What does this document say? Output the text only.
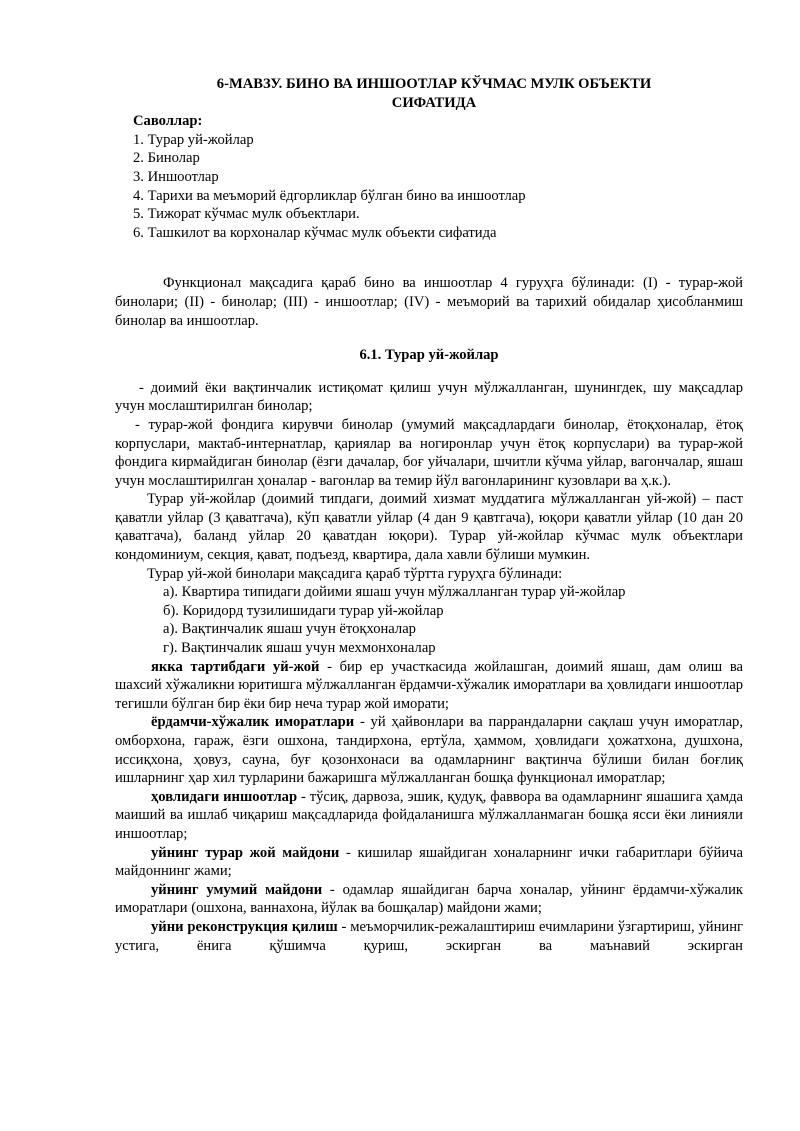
6-МАВЗУ. БИНО ВА ИНШООТЛАР КЎЧМАС МУЛК ОБЪЕКТИ
СИФАТИДА
Саволлар:
1. Турар уй-жойлар
2. Бинолар
3. Иншоотлар
4. Тарихи ва меъморий ёдгорликлар бўлган бино ва иншоотлар
5. Тижорат кўчмас мулк объектлари.
6. Ташкилот ва корхоналар кўчмас мулк объекти сифатида

Функционал мақсадига қараб бино ва иншоотлар 4 гуруҳга бўлинади: (I) - турар-жой бинолари; (II) - бинолар; (III) - иншоотлар; (IV) - меъморий ва тарихий обидалар ҳисобланмиш бинолар ва иншоотлар.

6.1. Турар уй-жойлар

- доимий ёки вақтинчалик истиқомат қилиш учун мўлжалланган, шунингдек, шу мақсадлар учун мослаштирилган бинолар;

- турар-жой фондига кирувчи бинолар (умумий мақсадлардаги бинолар, ётоқхоналар, ётоқ корпуслари, мактаб-интернатлар, қариялар ва ногиронлар учун ётоқ корпуслари) ва турар-жой фондига кирмайдиган бинолар (ёзги дачалар, боғ уйчалари, шчитли кўчма уйлар, вагончалар, яшаш учун мослаштирилган ҳоналар - вагонлар ва темир йўл вагонларининг кузовлари ва ҳ.к.).

Турар уй-жойлар (доимий типдаги, доимий хизмат муддатига мўлжалланган уй-жой) – паст қаватли уйлар (3 қаватгача), кўп қаватли уйлар (4 дан 9 қавтгача), юқори қаватли уйлар (10 дан 20 қаватгача), баланд уйлар 20 қаватдан юқори). Турар уй-жойлар кўчмас мулк объектлари кондоминиум, секция, қават, подъезд, квартира, дала хавли бўлиши мумкин.

Турар уй-жой бинолари мақсадига қараб тўртта гуруҳга бўлинади:

а). Квартира типидаги дойими яшаш учун мўлжалланган турар уй-жойлар
б). Коридорд тузилишидаги турар уй-жойлар
а). Вақтинчалик яшаш учун ётоқхоналар
г). Вақтинчалик яшаш учун мехмонхоналар

якка тартибдаги уй-жой - бир ер участкасида жойлашган, доимий яшаш, дам олиш ва шахсий хўжаликни юритишга мўлжалланган ёрдамчи-хўжалик иморатлари ва ҳовлидаги иншоотлар тегишли бўлган бир ёки бир неча турар жой иморати;

ёрдамчи-хўжалик иморатлари - уй ҳайвонлари ва паррандаларни сақлаш учун иморатлар, омборхона, гараж, ёзги ошхона, тандирхона, ертўла, ҳаммом, ҳовлидаги ҳожатхона, душхона, иссиқхона, ҳовуз, сауна, буғ қозонхонаси ва одамларнинг вақтинча бўлиши билан боғлиқ ишларнинг ҳар хил турларини бажаришга мўлжалланган бошқа функционал иморатлар;

ҳовлидаги иншоотлар - тўсиқ, дарвоза, эшик, қудуқ, фаввора ва одамларнинг яшашига ҳамда маиший ва ишлаб чиқариш мақсадларида фойдаланишга мўлжалланмаган бошқа ясси ёки линияли иншоотлар;

уйнинг турар жой майдони - кишилар яшайдиган хоналарнинг ички габаритлари бўйича майдоннинг жами;

уйнинг умумий майдони - одамлар яшайдиган барча хоналар, уйнинг ёрдамчи-хўжалик иморатлари (ошхона, ваннахона, йўлак ва бошқалар) майдони жами;

уйни реконструкция қилиш - меъморчилик-режалаштириш ечимларини ўзгартириш, уйнинг устига, ёнига қўшимча қуриш, эскирган ва маънавий эскирган
